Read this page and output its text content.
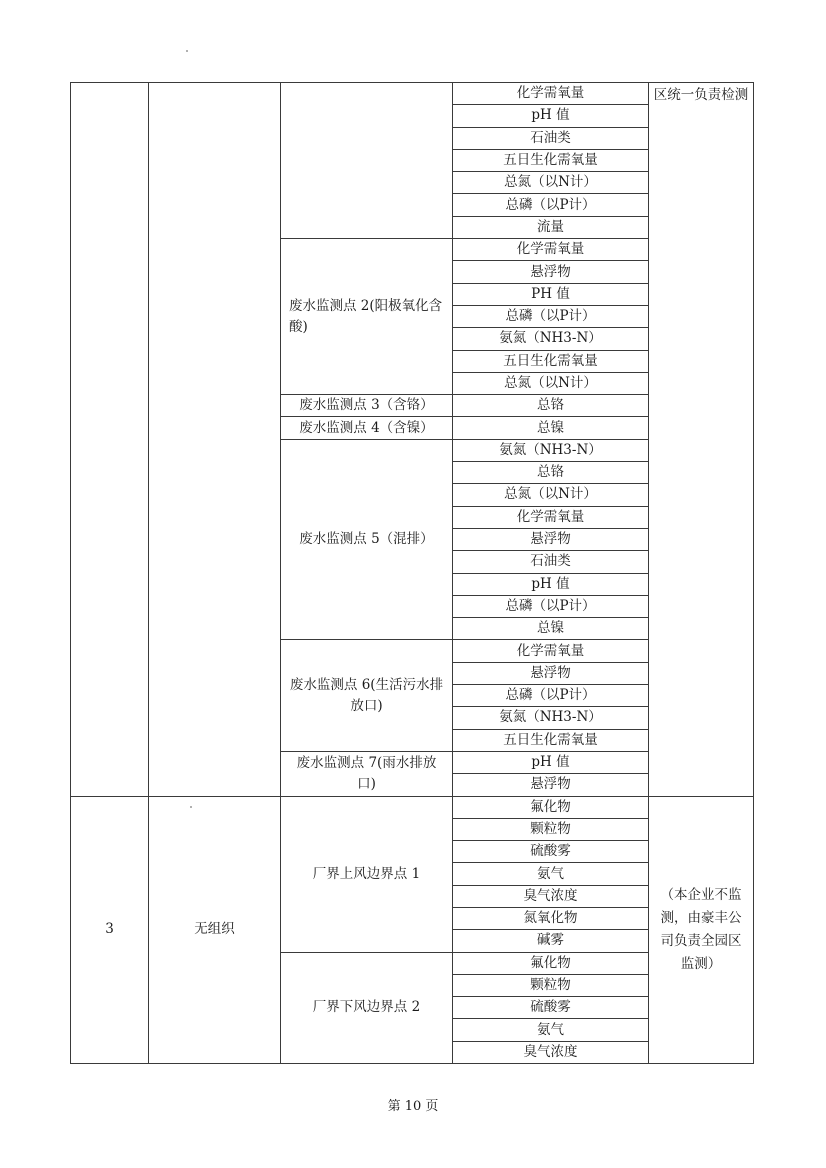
			化学需氧量	区统一负责检测
			pH 值	
			石油类	
			五日生化需氧量	
			总氮（以N计）	
			总磷（以P计）	
			流量	
		废水监测点 2(阳极氧化含酸)	化学需氧量	
			悬浮物	
			PH 值	
			总磷（以P计）	
			氨氮（NH3-N）	
			五日生化需氧量	
			总氮（以N计）	
		废水监测点 3（含铬）	总铬	
		废水监测点 4（含镍）	总镍	
		废水监测点 5（混排）	氨氮（NH3-N）	
			总铬	
			总氮（以N计）	
			化学需氧量	
			悬浮物	
			石油类	
			pH 值	
			总磷（以P计）	
			总镍	
		废水监测点 6(生活污水排放口)	化学需氧量	
			悬浮物	
			总磷（以P计）	
			氨氮（NH3-N）	
			五日生化需氧量	
		废水监测点 7(雨水排放口)	pH 值	
			悬浮物	
3	无组织	厂界上风边界点 1	氟化物	（本企业不监测，由豪丰公司负责全园区监测）
			颗粒物	
			硫酸雾	
			氨气	
			臭气浓度	
			氮氧化物	
			碱雾	
		厂界下风边界点 2	氟化物	
			颗粒物	
			硫酸雾	
			氨气	
			臭气浓度	
第 10 页
